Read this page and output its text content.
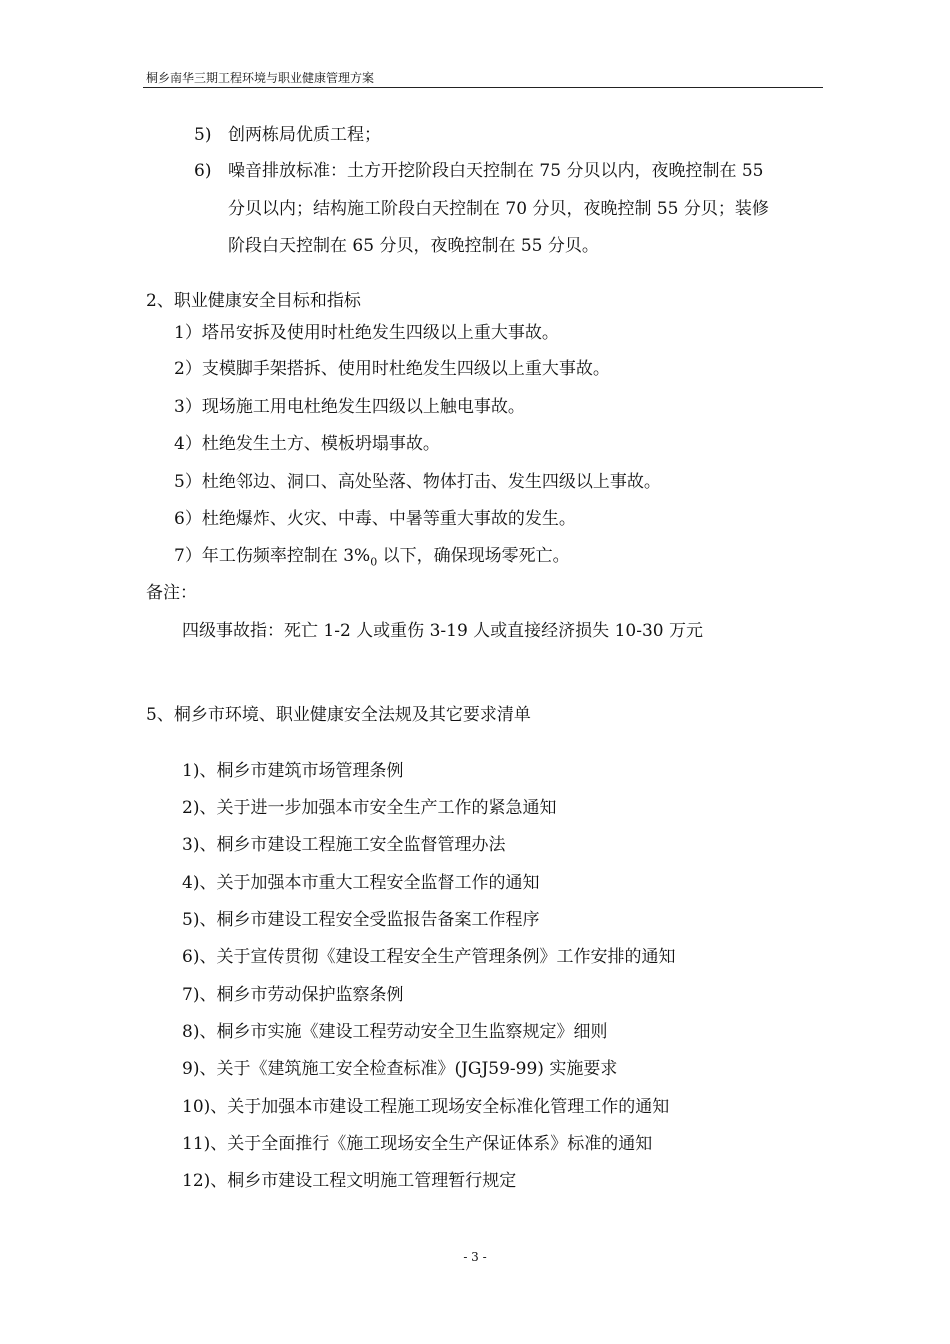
桐乡南华三期工程环境与职业健康管理方案
5) 创两栋局优质工程；
6) 噪音排放标准：土方开挖阶段白天控制在 75 分贝以内，夜晚控制在 55
分贝以内；结构施工阶段白天控制在 70 分贝，夜晚控制 55 分贝；装修
阶段白天控制在 65 分贝，夜晚控制在 55 分贝。
2、职业健康安全目标和指标
1）塔吊安拆及使用时杜绝发生四级以上重大事故。
2）支模脚手架搭拆、使用时杜绝发生四级以上重大事故。
3）现场施工用电杜绝发生四级以上触电事故。
4）杜绝发生土方、模板坍塌事故。
5）杜绝邻边、洞口、高处坠落、物体打击、发生四级以上事故。
6）杜绝爆炸、火灾、中毒、中暑等重大事故的发生。
7）年工伤频率控制在 $3\%_0$ 以下，确保现场零死亡。
备注：
四级事故指：死亡 1-2 人或重伤 3-19 人或直接经济损失 10-30 万元
5、桐乡市环境、职业健康安全法规及其它要求清单
1)、桐乡市建筑市场管理条例
2)、关于进一步加强本市安全生产工作的紧急通知
3)、桐乡市建设工程施工安全监督管理办法
4)、关于加强本市重大工程安全监督工作的通知
5)、桐乡市建设工程安全受监报告备案工作程序
6)、关于宣传贯彻《建设工程安全生产管理条例》工作安排的通知
7)、桐乡市劳动保护监察条例
8)、桐乡市实施《建设工程劳动安全卫生监察规定》细则
9)、关于《建筑施工安全检查标准》(JGJ59-99) 实施要求
10)、关于加强本市建设工程施工现场安全标准化管理工作的通知
11)、关于全面推行《施工现场安全生产保证体系》标准的通知
12)、桐乡市建设工程文明施工管理暂行规定
- 3 -
